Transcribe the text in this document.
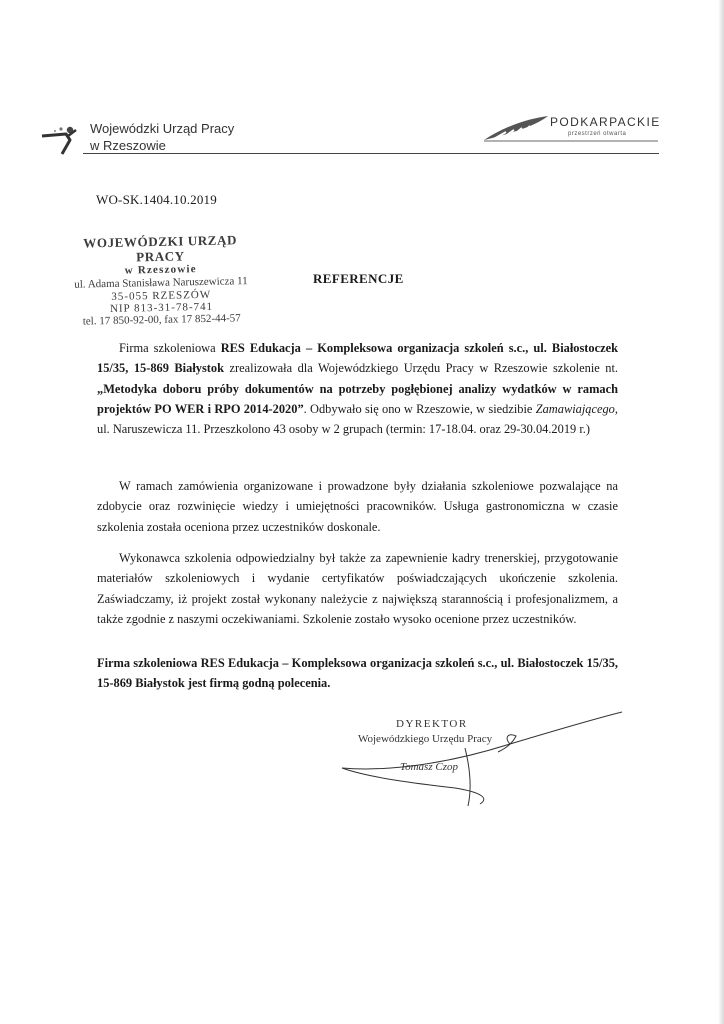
Wojewódzki Urząd Pracy
w Rzeszowie
PODKARPACKIE
przestrzeń otwarta
WO-SK.1404.10.2019
WOJEWÓDZKI URZĄD PRACY
w Rzeszowie
ul. Adama Stanisława Naruszewicza 11
35-055 RZESZÓW
NIP 813-31-78-741
tel. 17 850-92-00, fax 17 852-44-57
REFERENCJE
Firma szkoleniowa RES Edukacja – Kompleksowa organizacja szkoleń s.c., ul. Białostoczek 15/35, 15-869 Białystok zrealizowała dla Wojewódzkiego Urzędu Pracy w Rzeszowie szkolenie nt. „Metodyka doboru próby dokumentów na potrzeby pogłębionej analizy wydatków w ramach projektów PO WER i RPO 2014-2020”. Odbywało się ono w Rzeszowie, w siedzibie Zamawiającego, ul. Naruszewicza 11. Przeszkolono 43 osoby w 2 grupach (termin: 17-18.04. oraz 29-30.04.2019 r.)
W ramach zamówienia organizowane i prowadzone były działania szkoleniowe pozwalające na zdobycie oraz rozwinięcie wiedzy i umiejętności pracowników. Usługa gastronomiczna w czasie szkolenia została oceniona przez uczestników doskonale.
Wykonawca szkolenia odpowiedzialny był także za zapewnienie kadry trenerskiej, przygotowanie materiałów szkoleniowych i wydanie certyfikatów poświadczających ukończenie szkolenia. Zaświadczamy, iż projekt został wykonany należycie z największą starannością i profesjonalizmem, a także zgodnie z naszymi oczekiwaniami. Szkolenie zostało wysoko ocenione przez uczestników.
Firma szkoleniowa RES Edukacja – Kompleksowa organizacja szkoleń s.c., ul. Białostoczek 15/35, 15-869 Białystok jest firmą godną polecenia.
DYREKTOR
Wojewódzkiego Urzędu Pracy
Tomasz Czop
